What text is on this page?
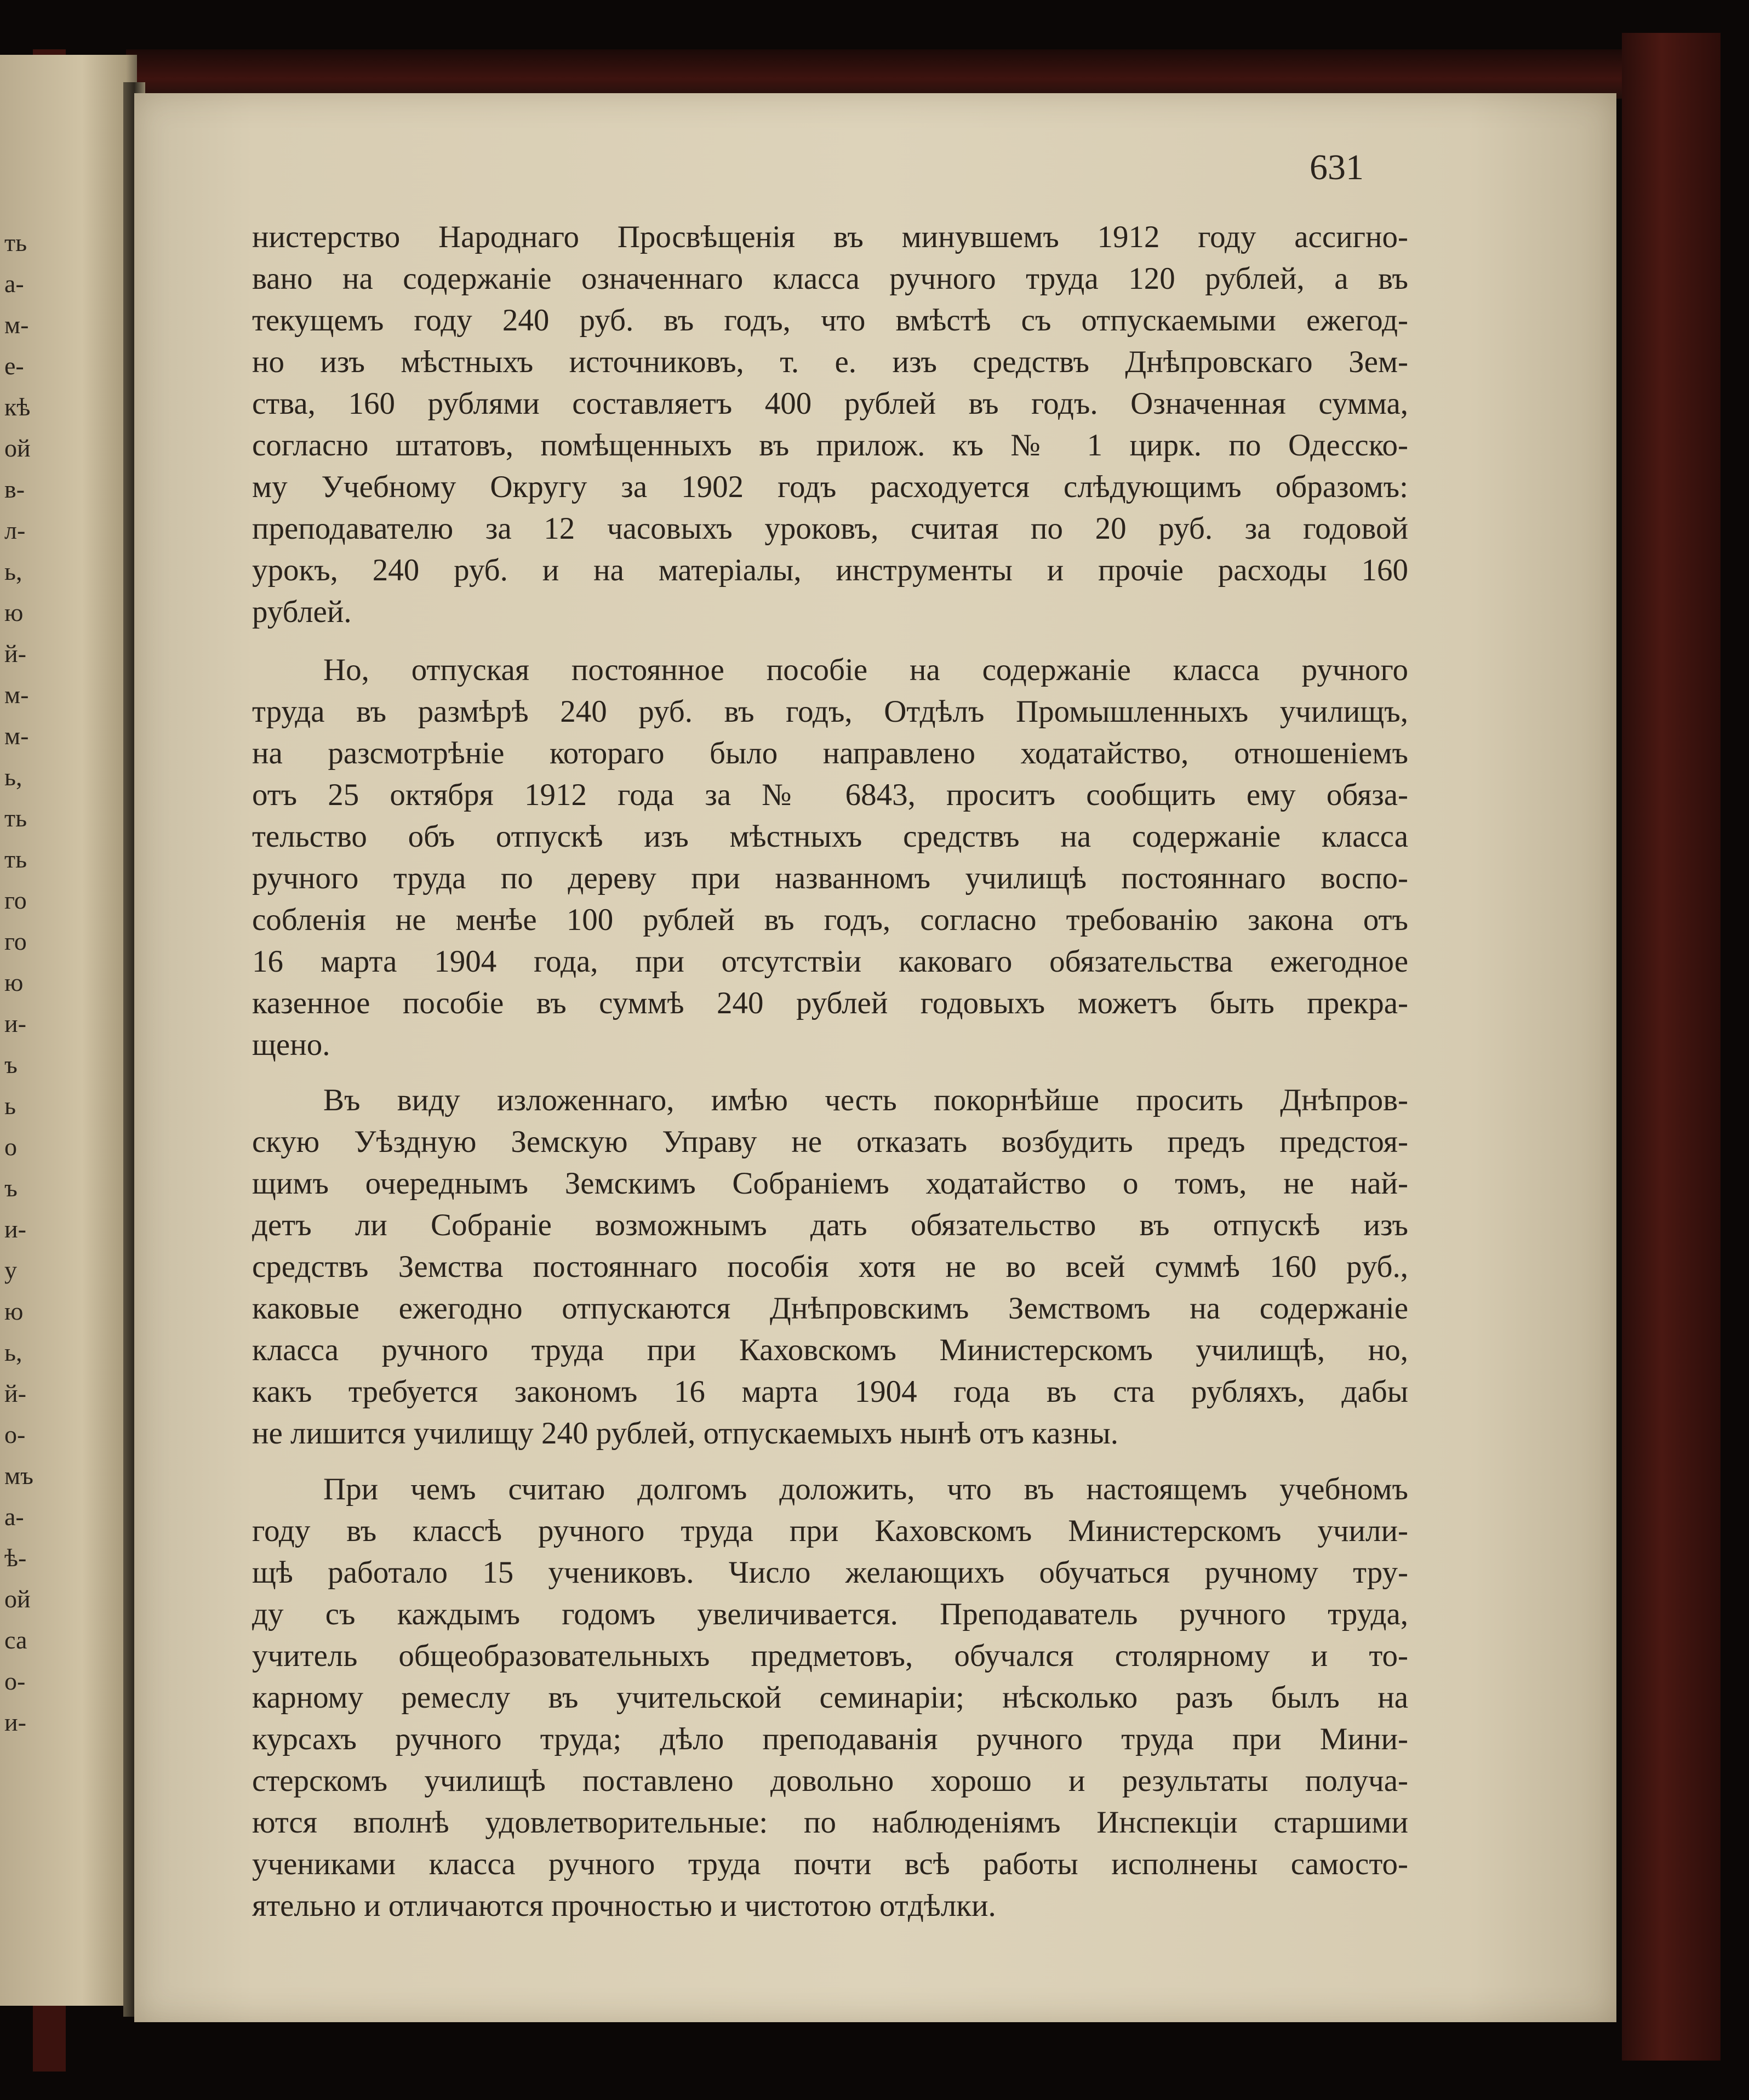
ть
а-
м-
е-
кѣ
ой
в-
л-
ь,
ю
й-
м-
м-
ь,
ть
ть
го
го
ю
и-
ъ
ь
о
ъ
и-
у
ю
ь,
й-
о-
мъ
а-
ѣ-
ой
са
о-
и-
631
нистерство Народнаго Просвѣщенія въ минувшемъ 1912 году ассигно-
вано на содержаніе означеннаго класса ручного труда 120 рублей, а въ
текущемъ году 240 руб. въ годъ, что вмѣстѣ съ отпускаемыми ежегод-
но изъ мѣстныхъ источниковъ, т. е. изъ средствъ Днѣпровскаго Зем-
ства, 160 рублями составляетъ 400 рублей въ годъ. Означенная сумма,
согласно штатовъ, помѣщенныхъ въ прилож. къ № 1 цирк. по Одесско-
му Учебному Округу за 1902 годъ расходуется слѣдующимъ образомъ:
преподавателю за 12 часовыхъ уроковъ, считая по 20 руб. за годовой
урокъ, 240 руб. и на матеріалы, инструменты и прочіе расходы 160
рублей.
Но, отпуская постоянное пособіе на содержаніе класса ручного
труда въ размѣрѣ 240 руб. въ годъ, Отдѣлъ Промышленныхъ училищъ,
на разсмотрѣніе котораго было направлено ходатайство, отношеніемъ
отъ 25 октября 1912 года за № 6843, проситъ сообщить ему обяза-
тельство объ отпускѣ изъ мѣстныхъ средствъ на содержаніе класса
ручного труда по дереву при названномъ училищѣ постояннаго воспо-
собленія не менѣе 100 рублей въ годъ, согласно требованію закона отъ
16 марта 1904 года, при отсутствіи каковаго обязательства ежегодное
казенное пособіе въ суммѣ 240 рублей годовыхъ можетъ быть прекра-
щено.
Въ виду изложеннаго, имѣю честь покорнѣйше просить Днѣпров-
скую Уѣздную Земскую Управу не отказать возбудить предъ предстоя-
щимъ очереднымъ Земскимъ Собраніемъ ходатайство о томъ, не най-
детъ ли Собраніе возможнымъ дать обязательство въ отпускѣ изъ
средствъ Земства постояннаго пособія хотя не во всей суммѣ 160 руб.,
каковые ежегодно отпускаются Днѣпровскимъ Земствомъ на содержаніе
класса ручного труда при Каховскомъ Министерскомъ училищѣ, но,
какъ требуется закономъ 16 марта 1904 года въ ста рубляхъ, дабы
не лишится училищу 240 рублей, отпускаемыхъ нынѣ отъ казны.
При чемъ считаю долгомъ доложить, что въ настоящемъ учебномъ
году въ классѣ ручного труда при Каховскомъ Министерскомъ учили-
щѣ работало 15 учениковъ. Число желающихъ обучаться ручному тру-
ду съ каждымъ годомъ увеличивается. Преподаватель ручного труда,
учитель общеобразовательныхъ предметовъ, обучался столярному и то-
карному ремеслу въ учительской семинаріи; нѣсколько разъ былъ на
курсахъ ручного труда; дѣло преподаванія ручного труда при Мини-
стерскомъ училищѣ поставлено довольно хорошо и результаты получа-
ются вполнѣ удовлетворительные: по наблюденіямъ Инспекціи старшими
учениками класса ручного труда почти всѣ работы исполнены самосто-
ятельно и отличаются прочностью и чистотою отдѣлки.
